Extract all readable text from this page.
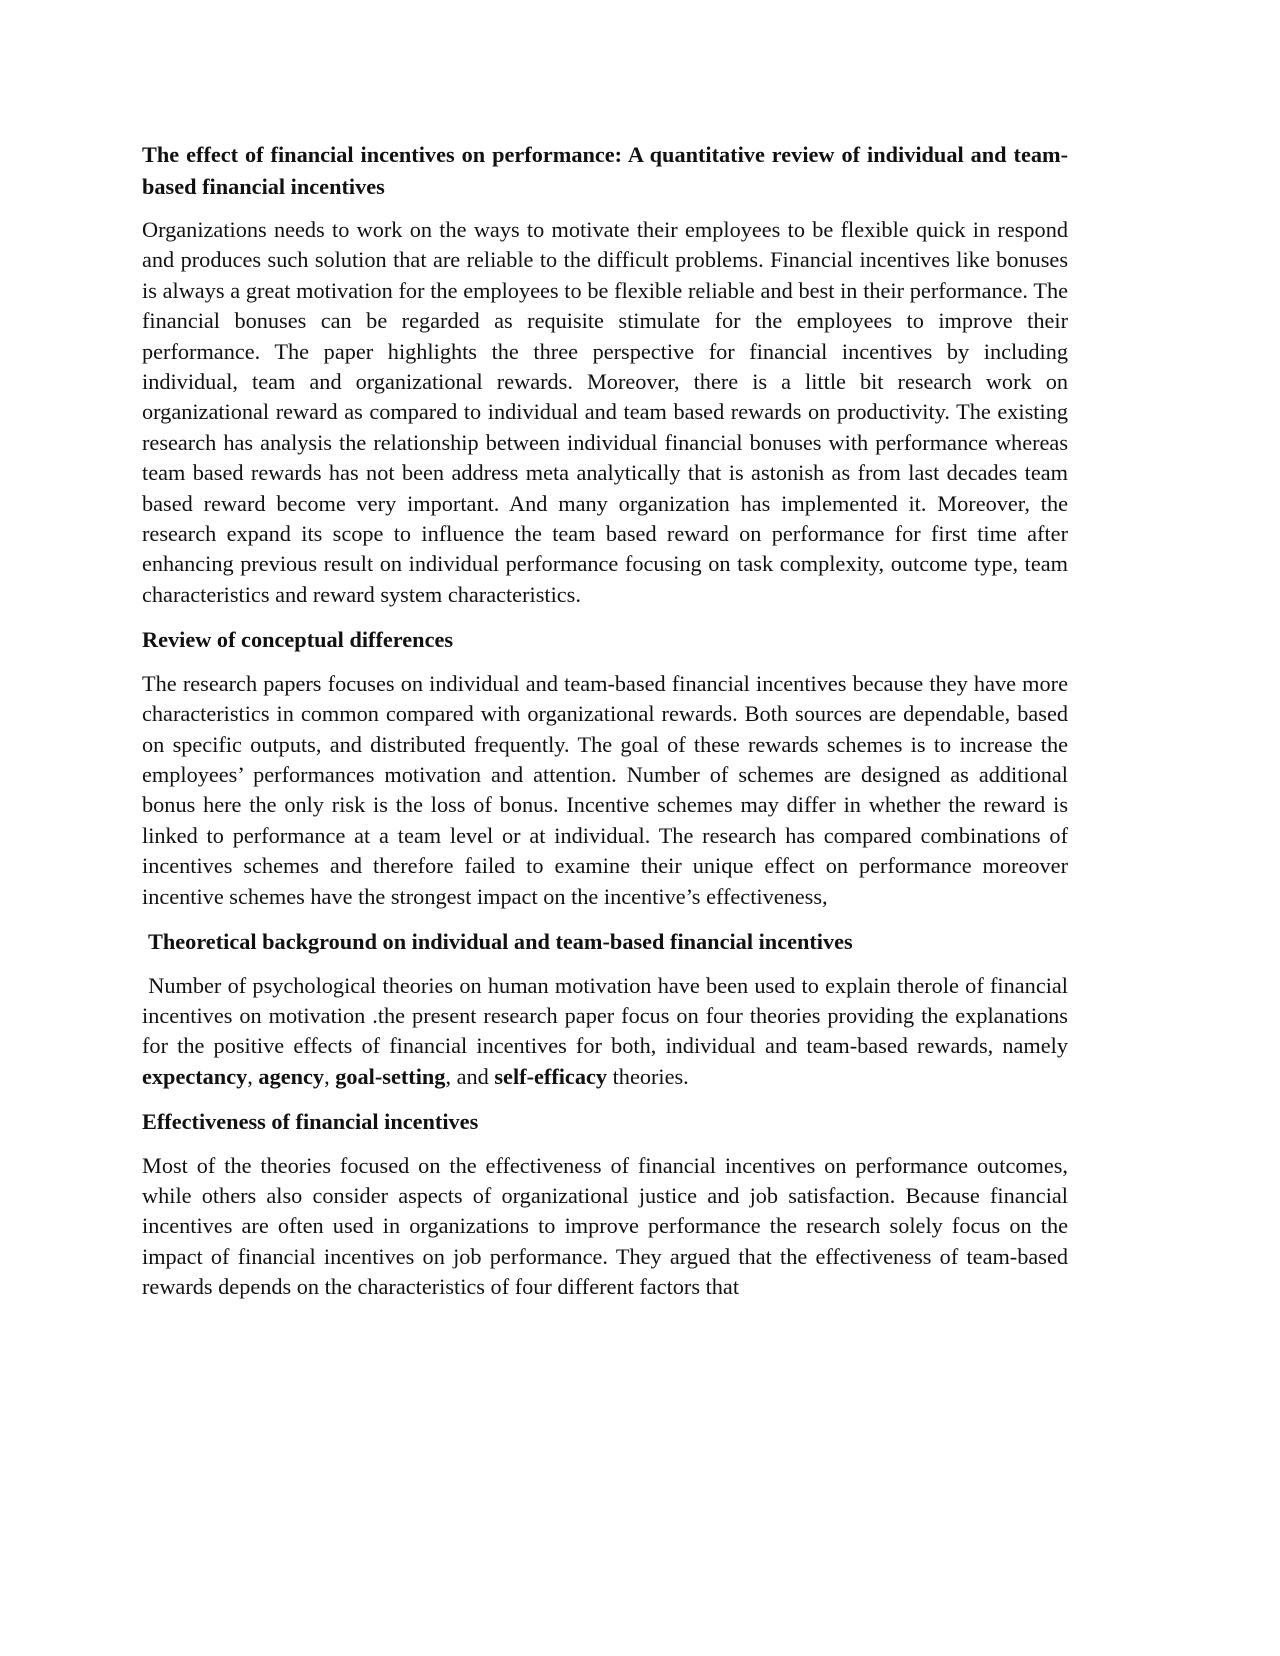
The effect of financial incentives on performance: A quantitative review of individual and team-based financial incentives

Organizations needs to work on the ways to motivate their employees to be flexible quick in respond and produces such solution that are reliable to the difficult problems. Financial incentives like bonuses is always a great motivation for the employees to be flexible reliable and best in their performance. The financial bonuses can be regarded as requisite stimulate for the employees to improve their performance. The paper highlights the three perspective for financial incentives by including individual, team and organizational rewards. Moreover, there is a little bit research work on organizational reward as compared to individual and team based rewards on productivity. The existing research has analysis the relationship between individual financial bonuses with performance whereas team based rewards has not been address meta analytically that is astonish as from last decades team based reward become very important. And many organization has implemented it. Moreover, the research expand its scope to influence the team based reward on performance for first time after enhancing previous result on individual performance focusing on task complexity, outcome type, team characteristics and reward system characteristics.

Review of conceptual differences

The research papers focuses on individual and team-based financial incentives because they have more characteristics in common compared with organizational rewards. Both sources are dependable, based on specific outputs, and distributed frequently. The goal of these rewards schemes is to increase the employees’ performances motivation and attention. Number of schemes are designed as additional bonus here the only risk is the loss of bonus. Incentive schemes may differ in whether the reward is linked to performance at a team level or at individual. The research has compared combinations of incentives schemes and therefore failed to examine their unique effect on performance moreover incentive schemes have the strongest impact on the incentive’s effectiveness,

Theoretical background on individual and team-based financial incentives

Number of psychological theories on human motivation have been used to explain therole of financial incentives on motivation .the present research paper focus on four theories providing the explanations for the positive effects of financial incentives for both, individual and team-based rewards, namely expectancy, agency, goal-setting, and self-efficacy theories.

Effectiveness of financial incentives

Most of the theories focused on the effectiveness of financial incentives on performance outcomes, while others also consider aspects of organizational justice and job satisfaction. Because financial incentives are often used in organizations to improve performance the research solely focus on the impact of financial incentives on job performance. They argued that the effectiveness of team-based rewards depends on the characteristics of four different factors that
